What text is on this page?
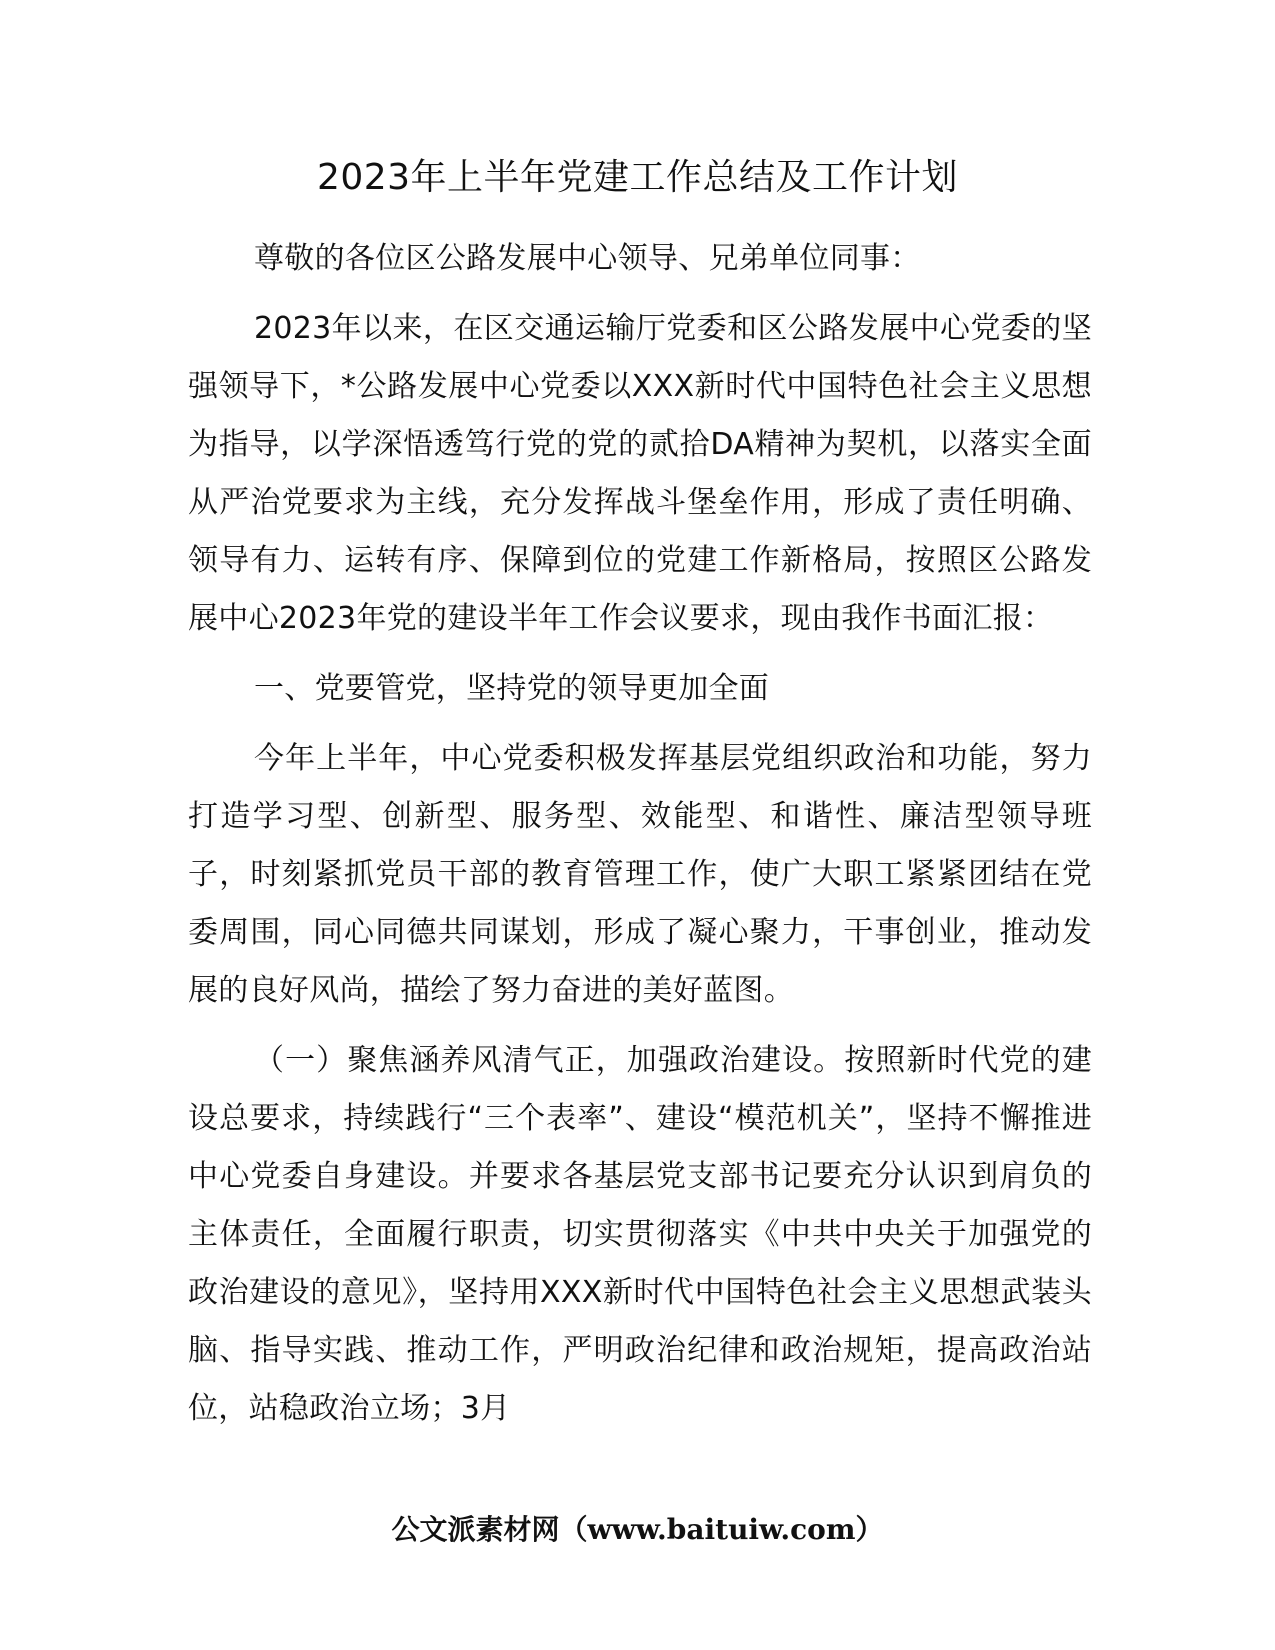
2023年上半年党建工作总结及工作计划

尊敬的各位区公路发展中心领导、兄弟单位同事：

2023年以来，在区交通运输厅党委和区公路发展中心党委的坚强领导下，*公路发展中心党委以XXX新时代中国特色社会主义思想为指导，以学深悟透笃行党的党的贰拾DA精神为契机，以落实全面从严治党要求为主线，充分发挥战斗堡垒作用，形成了责任明确、领导有力、运转有序、保障到位的党建工作新格局，按照区公路发展中心2023年党的建设半年工作会议要求，现由我作书面汇报：

一、党要管党，坚持党的领导更加全面

今年上半年，中心党委积极发挥基层党组织政治和功能，努力打造学习型、创新型、服务型、效能型、和谐性、廉洁型领导班子，时刻紧抓党员干部的教育管理工作，使广大职工紧紧团结在党委周围，同心同德共同谋划，形成了凝心聚力，干事创业，推动发展的良好风尚，描绘了努力奋进的美好蓝图。

（一）聚焦涵养风清气正，加强政治建设。按照新时代党的建设总要求，持续践行“三个表率”、建设“模范机关”，坚持不懈推进中心党委自身建设。并要求各基层党支部书记要充分认识到肩负的主体责任，全面履行职责，切实贯彻落实《中共中央关于加强党的政治建设的意见》，坚持用XXX新时代中国特色社会主义思想武装头脑、指导实践、推动工作，严明政治纪律和政治规矩，提高政治站位，站稳政治立场；3月

公文派素材网（www.baituiw.com）
